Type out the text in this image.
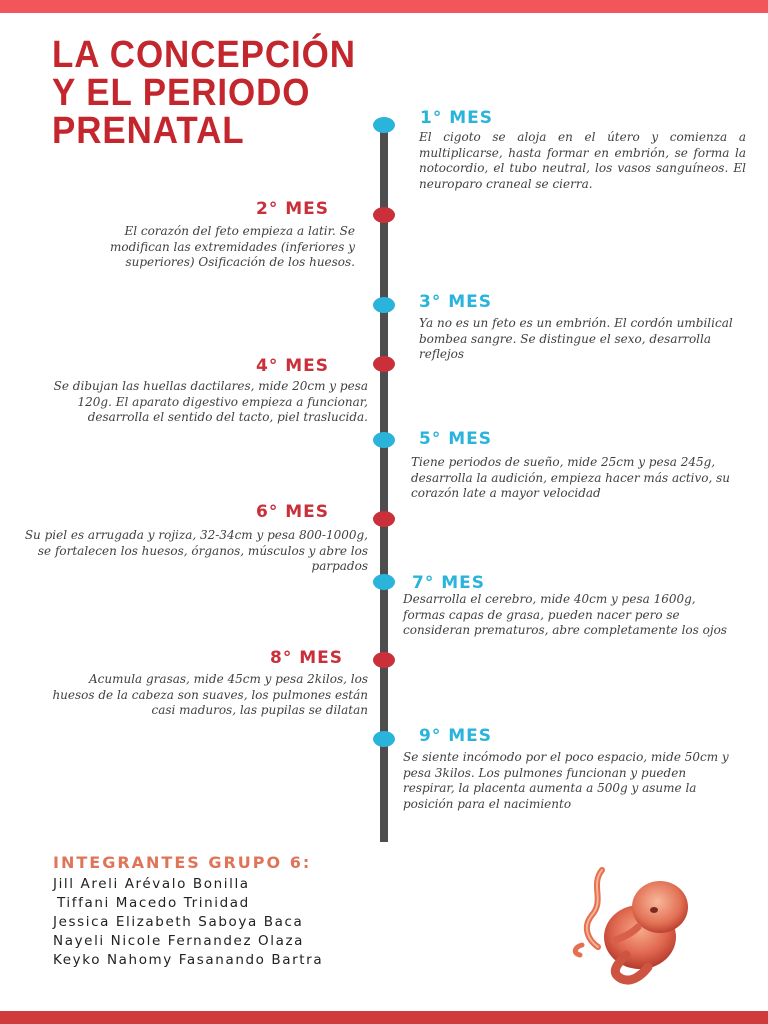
LA CONCEPCIÓN
Y EL PERIODO
PRENATAL	1° MES
El cigoto se aloja en el útero y comienza a multiplicarse, hasta formar en embrión, se forma la notocordio, el tubo neutral, los vasos sanguíneos. El neuroparo craneal se cierra.
2° MES
El corazón del feto empieza a latir. Se modifican las extremidades (inferiores y superiores) Osificación de los huesos.
3° MES
Ya no es un feto es un embrión. El cordón umbilical bombea sangre. Se distingue el sexo, desarrolla reflejos
4° MES
Se dibujan las huellas dactilares, mide 20cm y pesa 120g. El aparato digestivo empieza a funcionar, desarrolla el sentido del tacto, piel traslucida.
5° MES
Tiene periodos de sueño, mide 25cm y pesa 245g, desarrolla la audición, empieza hacer más activo, su corazón late a mayor velocidad
6° MES
Su piel es arrugada y rojiza, 32-34cm y pesa 800-1000g, se fortalecen los huesos, órganos, músculos y abre los parpados
7° MES
Desarrolla el cerebro, mide 40cm y pesa 1600g, formas capas de grasa, pueden nacer pero se consideran prematuros, abre completamente los ojos
8° MES
Acumula grasas, mide 45cm y pesa 2kilos, los huesos de la cabeza son suaves, los pulmones están casi maduros, las pupilas se dilatan
9° MES
Se siente incómodo por el poco espacio, mide 50cm y pesa 3kilos. Los pulmones funcionan y pueden respirar, la placenta aumenta a 500g y asume la posición para el nacimiento
INTEGRANTES GRUPO 6:
Jill Areli Arévalo Bonilla
Tiffani Macedo Trinidad
Jessica Elizabeth Saboya Baca
Nayeli Nicole Fernandez Olaza
Keyko Nahomy Fasanando Bartra
